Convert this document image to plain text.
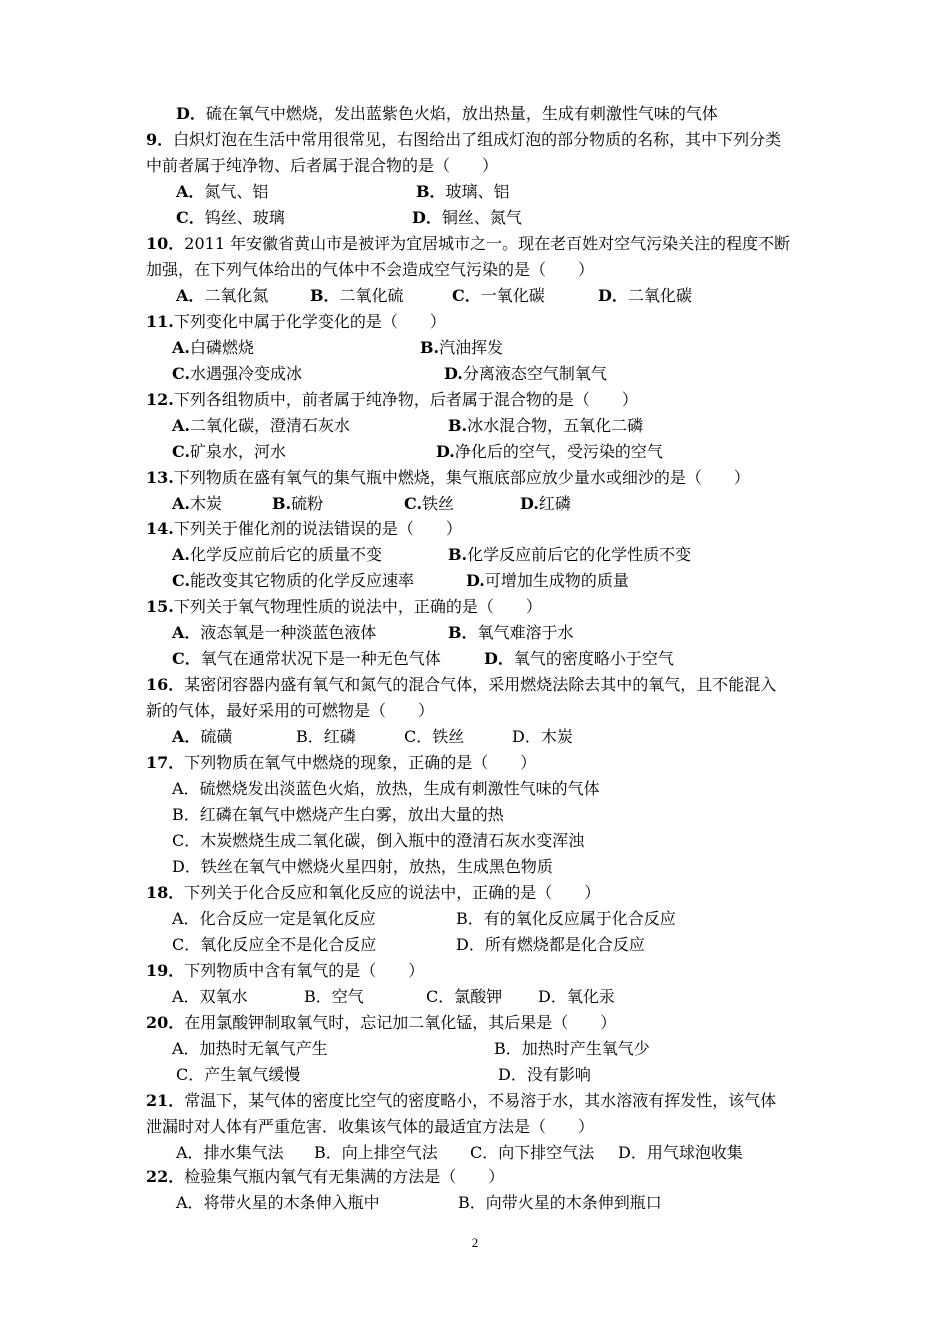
D．硫在氧气中燃烧，发出蓝紫色火焰，放出热量，生成有刺激性气味的气体
9．白炽灯泡在生活中常用很常见，右图给出了组成灯泡的部分物质的名称，其中下列分类
中前者属于纯净物、后者属于混合物的是（　　）
A．氮气、铝	B．玻璃、铝
C．钨丝、玻璃	D．铜丝、氮气
10．2011 年安徽省黄山市是被评为宜居城市之一。现在老百姓对空气污染关注的程度不断
加强，在下列气体给出的气体中不会造成空气污染的是（　　）
A．二氧化氮	B．二氧化硫	C．一氧化碳	D．二氧化碳
11.下列变化中属于化学变化的是（　　）
A.白磷燃烧	B.汽油挥发
C.水遇强冷变成冰	D.分离液态空气制氧气
12.下列各组物质中，前者属于纯净物，后者属于混合物的是（　　）
A.二氧化碳，澄清石灰水	B.冰水混合物，五氧化二磷
C.矿泉水，河水	D.净化后的空气，受污染的空气
13.下列物质在盛有氧气的集气瓶中燃烧，集气瓶底部应放少量水或细沙的是（　　）
A.木炭	B.硫粉	C.铁丝	D.红磷
14.下列关于催化剂的说法错误的是（　　）
A.化学反应前后它的质量不变	B.化学反应前后它的化学性质不变
C.能改变其它物质的化学反应速率	D.可增加生成物的质量
15.下列关于氧气物理性质的说法中，正确的是（　　）
A．液态氧是一种淡蓝色液体	B．氧气难溶于水
C．氧气在通常状况下是一种无色气体	D．氧气的密度略小于空气
16．某密闭容器内盛有氧气和氮气的混合气体，采用燃烧法除去其中的氧气，且不能混入
新的气体，最好采用的可燃物是（　　）
A．硫磺	B．红磷	C．铁丝	D．木炭
17．下列物质在氧气中燃烧的现象，正确的是（　　）
A．硫燃烧发出淡蓝色火焰，放热，生成有刺激性气味的气体
B．红磷在氧气中燃烧产生白雾，放出大量的热
C．木炭燃烧生成二氧化碳，倒入瓶中的澄清石灰水变浑浊
D．铁丝在氧气中燃烧火星四射，放热，生成黑色物质
18．下列关于化合反应和氧化反应的说法中，正确的是（　　）
A．化合反应一定是氧化反应	B．有的氧化反应属于化合反应
C．氧化反应全不是化合反应	D．所有燃烧都是化合反应
19．下列物质中含有氧气的是（　　）
A．双氧水	B．空气	C．氯酸钾 D．氧化汞
20．在用氯酸钾制取氧气时，忘记加二氧化锰，其后果是（　　）
A．加热时无氧气产生	B．加热时产生氧气少
C．产生氧气缓慢	D．没有影响
21．常温下，某气体的密度比空气的密度略小，不易溶于水，其水溶液有挥发性，该气体
泄漏时对人体有严重危害．收集该气体的最适宜方法是（　　）
A．排水集气法 B．向上排空气法 C．向下排空气法 D．用气球泡收集
22．检验集气瓶内氧气有无集满的方法是（　　）
A．将带火星的木条伸入瓶中	B．向带火星的木条伸到瓶口
2
